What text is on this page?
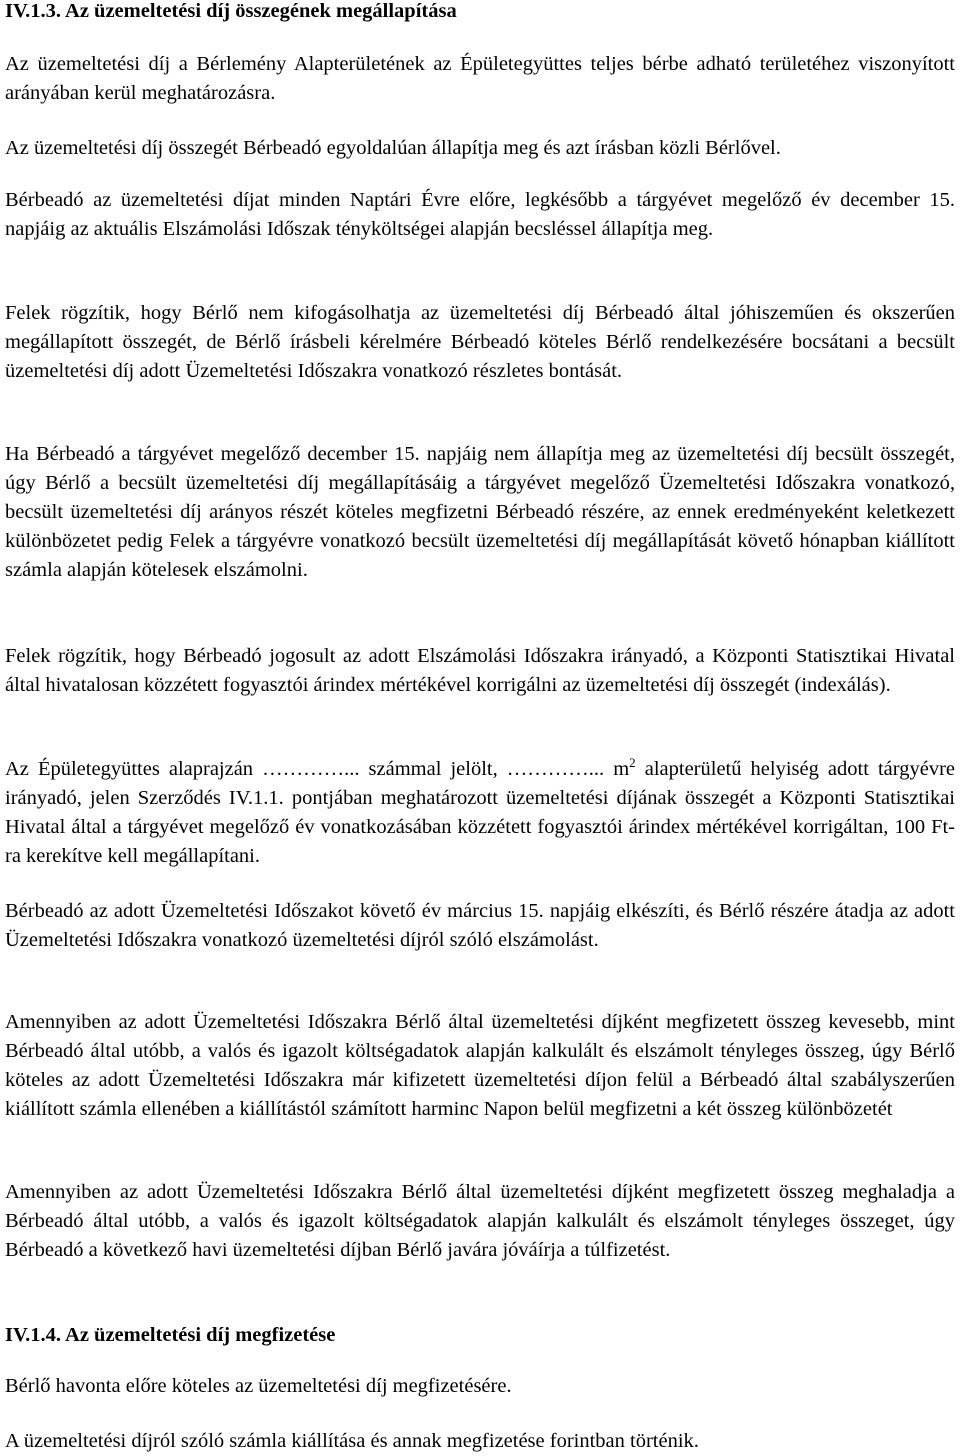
IV.1.3. Az üzemeltetési díj összegének megállapítása

Az üzemeltetési díj a Bérlemény Alapterületének az Épületegyüttes teljes bérbe adható területéhez viszonyított arányában kerül meghatározásra.

Az üzemeltetési díj összegét Bérbeadó egyoldalúan állapítja meg és azt írásban közli Bérlővel.

Bérbeadó az üzemeltetési díjat minden Naptári Évre előre, legkésőbb a tárgyévet megelőző év december 15. napjáig az aktuális Elszámolási Időszak tényköltségei alapján becsléssel állapítja meg.

Felek rögzítik, hogy Bérlő nem kifogásolhatja az üzemeltetési díj Bérbeadó által jóhiszeműen és okszerűen megállapított összegét, de Bérlő írásbeli kérelmére Bérbeadó köteles Bérlő rendelkezésére bocsátani a becsült üzemeltetési díj adott Üzemeltetési Időszakra vonatkozó részletes bontását.

Ha Bérbeadó a tárgyévet megelőző december 15. napjáig nem állapítja meg az üzemeltetési díj becsült összegét, úgy Bérlő a becsült üzemeltetési díj megállapításáig a tárgyévet megelőző Üzemeltetési Időszakra vonatkozó, becsült üzemeltetési díj arányos részét köteles megfizetni Bérbeadó részére, az ennek eredményeként keletkezett különbözetet pedig Felek a tárgyévre vonatkozó becsült üzemeltetési díj megállapítását követő hónapban kiállított számla alapján kötelesek elszámolni.

Felek rögzítik, hogy Bérbeadó jogosult az adott Elszámolási Időszakra irányadó, a Központi Statisztikai Hivatal által hivatalosan közzétett fogyasztói árindex mértékével korrigálni az üzemeltetési díj összegét (indexálás).

Az Épületegyüttes alaprajzán …………... számmal jelölt, …………... $m^2$ alapterületű helyiség adott tárgyévre irányadó, jelen Szerződés IV.1.1. pontjában meghatározott üzemeltetési díjának összegét a Központi Statisztikai Hivatal által a tárgyévet megelőző év vonatkozásában közzétett fogyasztói árindex mértékével korrigáltan, 100 Ft-ra kerekítve kell megállapítani.

Bérbeadó az adott Üzemeltetési Időszakot követő év március 15. napjáig elkészíti, és Bérlő részére átadja az adott Üzemeltetési Időszakra vonatkozó üzemeltetési díjról szóló elszámolást.

Amennyiben az adott Üzemeltetési Időszakra Bérlő által üzemeltetési díjként megfizetett összeg kevesebb, mint Bérbeadó által utóbb, a valós és igazolt költségadatok alapján kalkulált és elszámolt tényleges összeg, úgy Bérlő köteles az adott Üzemeltetési Időszakra már kifizetett üzemeltetési díjon felül a Bérbeadó által szabályszerűen kiállított számla ellenében a kiállítástól számított harminc Napon belül megfizetni a két összeg különbözetét

Amennyiben az adott Üzemeltetési Időszakra Bérlő által üzemeltetési díjként megfizetett összeg meghaladja a Bérbeadó által utóbb, a valós és igazolt költségadatok alapján kalkulált és elszámolt tényleges összeget, úgy Bérbeadó a következő havi üzemeltetési díjban Bérlő javára jóváírja a túlfizetést.

IV.1.4. Az üzemeltetési díj megfizetése

Bérlő havonta előre köteles az üzemeltetési díj megfizetésére.

A üzemeltetési díjról szóló számla kiállítása és annak megfizetése forintban történik.
